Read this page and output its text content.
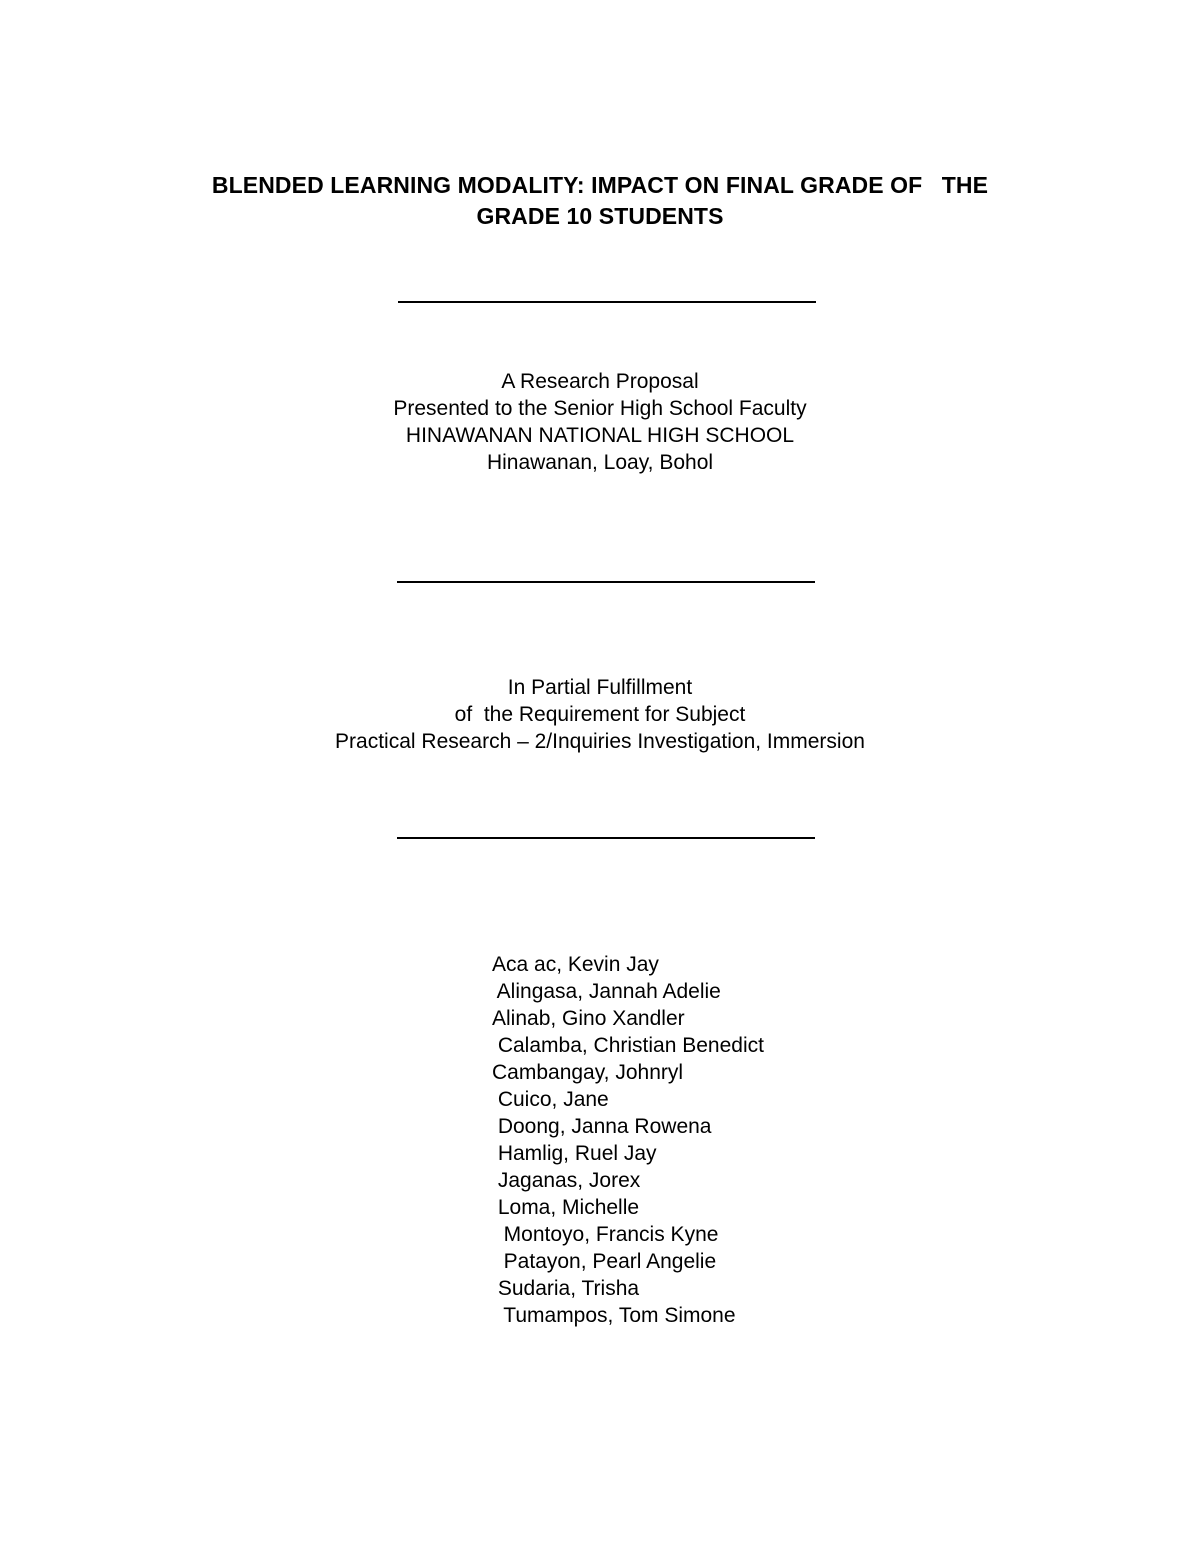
BLENDED LEARNING MODALITY: IMPACT ON FINAL GRADE OF   THE
GRADE 10 STUDENTS
A Research Proposal
Presented to the Senior High School Faculty
HINAWANAN NATIONAL HIGH SCHOOL
Hinawanan, Loay, Bohol
In Partial Fulfillment
of  the Requirement for Subject
Practical Research – 2/Inquiries Investigation, Immersion
Aca ac, Kevin Jay
Alingasa, Jannah Adelie
Alinab, Gino Xandler
Calamba, Christian Benedict
Cambangay, Johnryl
Cuico, Jane
Doong, Janna Rowena
Hamlig, Ruel Jay
Jaganas, Jorex
Loma, Michelle
Montoyo, Francis Kyne
Patayon, Pearl Angelie
Sudaria, Trisha
Tumampos, Tom Simone
